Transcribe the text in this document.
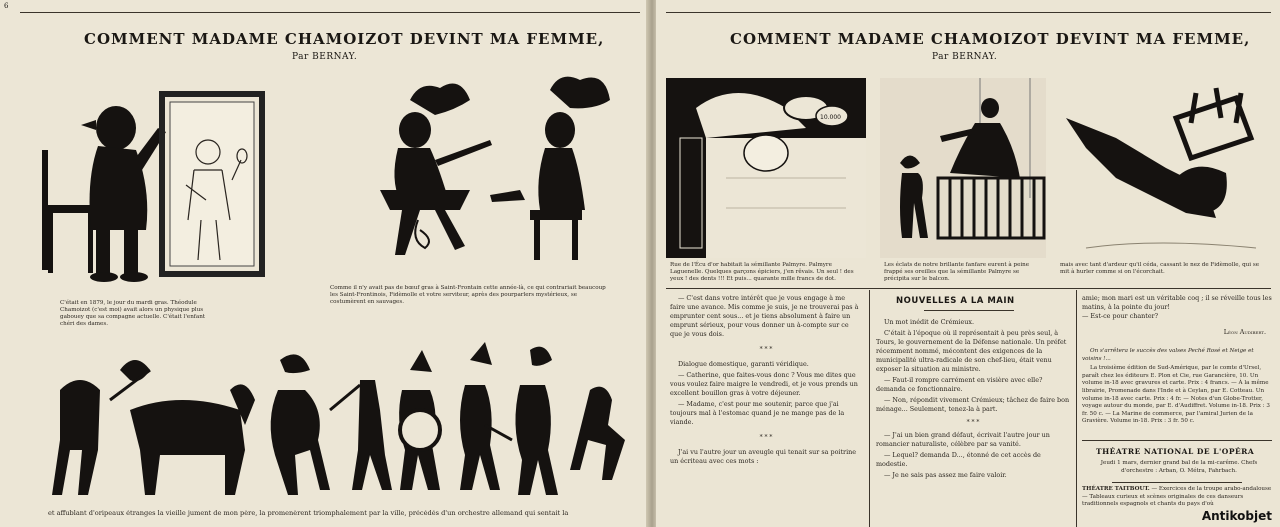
6
COMMENT MADAME CHAMOIZOT DEVINT MA FEMME,
Par BERNAY.
C'était en 1879, le jour du mardi gras. Théodule Chamoizot (c'est moi) avait alors un physique plus gabouey que sa compagne actuelle. C'était l'enfant chéri des dames.
Comme il n'y avait pas de bœuf gras à Saint-Frontain cette année-là, ce qui contrariait beaucoup les Saint-Frontinois, Fidèmolle et votre serviteur, après des pourparlers mystérieux, se costumèrent en sauvages.
et affublant d'oripeaux étranges la vieille jument de mon père, la promenèrent triomphalement par la ville, précédés d'un orchestre allemand qui sentait la
COMMENT MADAME CHAMOIZOT DEVINT MA FEMME,
Par BERNAY.
10.000
Rue de l'Écu d'or habitait la sémillante Palmyre. Palmyre Laguenelle. Quelques garçons épiciers, j'en rêvais. Un seul ! des yeux ! des dents !!! Et puis... quarante mille francs de dot.
Les éclats de notre brillante fanfare eurent à peine frappé ses oreilles que la sémillante Palmyre se précipita sur le balcon.
mais avec tant d'ardeur qu'il céda, cassant le nez de Fidèmolle, qui se mit à hurler comme si on l'écorchait.

— C'est dans votre intérêt que je vous engage à me faire une avance. Mis comme je suis, je ne trouverai pas à emprunter cent sous... et je tiens absolument à faire un emprunt sérieux, pour vous donner un à-compte sur ce que je vous dois.

* * *

Dialogue domestique, garanti véridique.

— Catherine, que faites-vous donc ? Vous me dites que vous voulez faire maigre le vendredi, et je vous prends un excellent bouillon gras à votre déjeuner.

— Madame, c'est pour me soutenir, parce que j'ai toujours mal à l'estomac quand je ne mange pas de la viande.

* * *

J'ai vu l'autre jour un aveugle qui tenait sur sa poitrine un écriteau avec ces mots :

NOUVELLES A LA MAIN

Un mot inédit de Crémieux.

C'était à l'époque où il représentait à peu près seul, à Tours, le gouvernement de la Défense nationale. Un préfet récemment nommé, mécontent des exigences de la municipalité ultra-radicale de son chef-lieu, était venu exposer la situation au ministre.

— Faut-il rompre carrément en visière avec elle? demanda ce fonctionnaire.

— Non, répondit vivement Crémieux; tâchez de faire bon ménage... Seulement, tenez-la à part.

* * *

— J'ai un bien grand défaut, écrivait l'autre jour un romancier naturaliste, célèbre par sa vanité.

— Lequel? demanda D..., étonné de cet accès de modestie.

— Je ne sais pas assez me faire valoir.

amie; mon mari est un véritable coq ; il se réveille tous les matins, à la pointe du jour!
— Est-ce pour chanter?
Léon Audibert.

On s'arrêtera le succès des valses Peché Rosé et Neige et voisins !...

La troisième édition de Sud-Amérique, par le comte d'Ursel, paraît chez les éditeurs E. Plon et Cie, rue Garancière, 10. Un volume in-18 avec gravures et carte. Prix : 4 francs. — À la même librairie, Promenade dans l'Inde et à Ceylan, par E. Cotteau. Un volume in-18 avec carte. Prix : 4 fr. — Notes d'un Globe-Trotter, voyage autour du monde, par E. d'Audiffret. Volume in-18. Prix : 3 fr. 50 c. — La Marine de commerce, par l'amiral Jurien de la Gravière. Volume in-18. Prix : 3 fr. 50 c.

THÉATRE NATIONAL DE L'OPÉRA
Jeudi 1 mars, dernier grand bal de la mi-carême. Chefs d'orchestre : Arban, O. Métra, Fahrbach.
THÉATRE TAITBOUT. — Exercices de la troupe arabo-andalouse — Tableaux curieux et scènes originales de ces danseurs traditionnels espagnols et chants du pays d'où
Antikobjet
